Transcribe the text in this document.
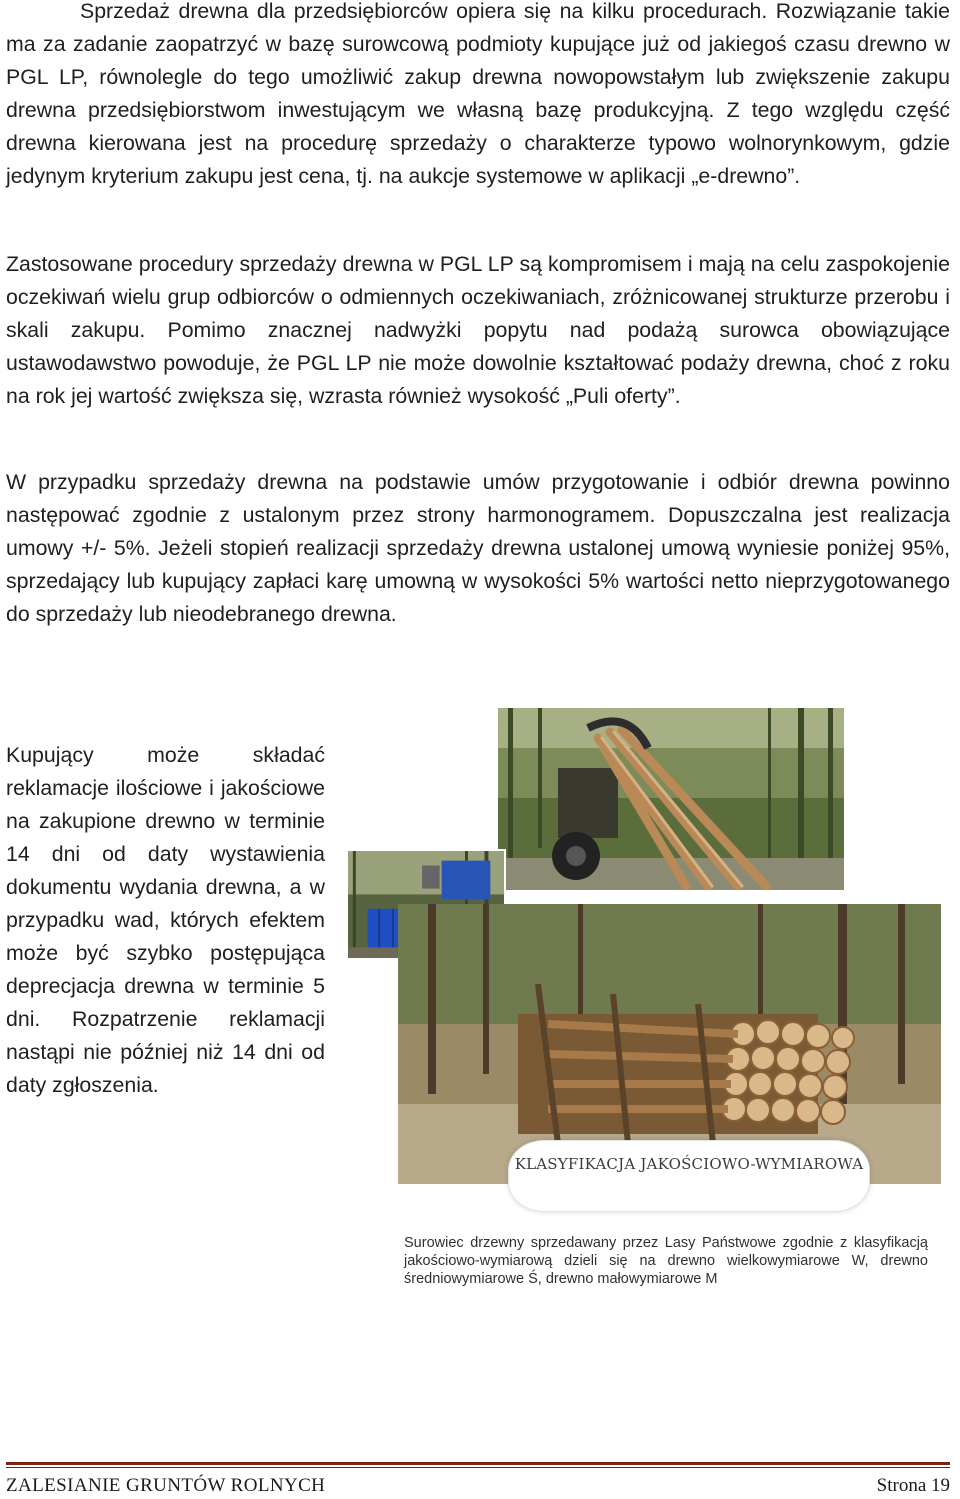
Sprzedaż drewna dla przedsiębiorców opiera się na kilku procedurach. Rozwiązanie takie ma za zadanie zaopatrzyć w bazę surowcową podmioty kupujące już od jakiegoś czasu drewno w PGL LP, równolegle do tego umożliwić zakup drewna nowopowstałym lub zwiększenie zakupu drewna przedsiębiorstwom inwestującym we własną bazę produkcyjną. Z tego względu część drewna kierowana jest na procedurę sprzedaży o charakterze typowo wolnorynkowym, gdzie jedynym kryterium zakupu jest cena, tj. na aukcje systemowe w aplikacji „e-drewno”.

Zastosowane procedury sprzedaży drewna w PGL LP są kompromisem i mają na celu zaspokojenie oczekiwań wielu grup odbiorców o odmiennych oczekiwaniach, zróżnicowanej strukturze przerobu i skali zakupu. Pomimo znacznej nadwyżki popytu nad podażą surowca obowiązujące ustawodawstwo powoduje, że PGL LP nie może dowolnie kształtować podaży drewna, choć z roku na rok jej wartość zwiększa się, wzrasta również wysokość „Puli oferty”.

W przypadku sprzedaży drewna na podstawie umów przygotowanie i odbiór drewna powinno następować zgodnie z ustalonym przez strony harmonogramem. Dopuszczalna jest realizacja umowy +/- 5%. Jeżeli stopień realizacji sprzedaży drewna ustalonej umową wyniesie poniżej 95%, sprzedający lub kupujący zapłaci karę umowną w wysokości 5% wartości netto nieprzygotowanego do sprzedaży lub nieodebranego drewna.

Kupujący może składać reklamacje ilościowe i jakościowe na zakupione drewno w terminie 14 dni od daty wystawienia dokumentu wydania drewna, a w przypadku wad, których efektem może być szybko postępująca deprecjacja drewna w terminie 5 dni. Rozpatrzenie reklamacji nastąpi nie później niż 14 dni od daty zgłoszenia.

KLASYFIKACJA JAKOŚCIOWO-WYMIAROWA

Surowiec drzewny sprzedawany przez Lasy Państwowe zgodnie z klasyfikacją jakościowo-wymiarową dzieli się na drewno wielkowymiarowe W, drewno średniowymiarowe Ś, drewno małowymiarowe M

ZALESIANIE GRUNTÓW ROLNYCH	Strona 19
